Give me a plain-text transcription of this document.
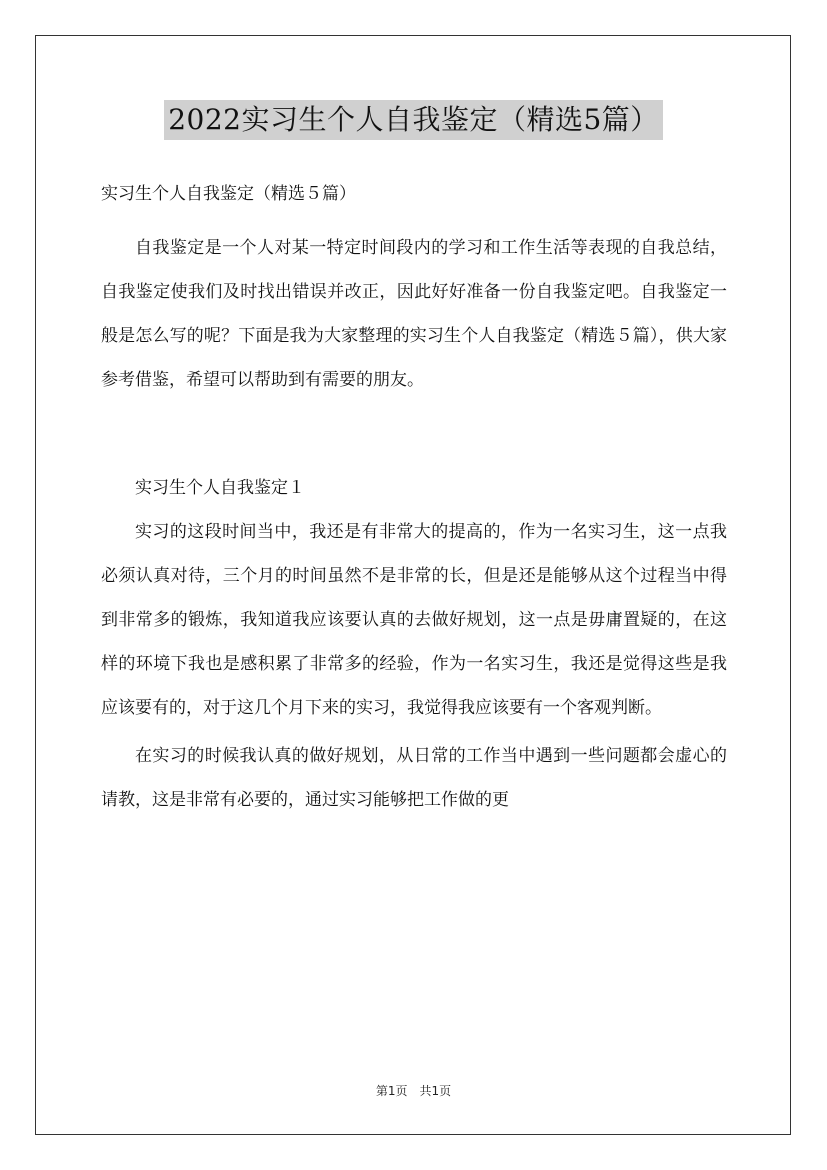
2022实习生个人自我鉴定（精选5篇）

实习生个人自我鉴定（精选５篇）

自我鉴定是一个人对某一特定时间段内的学习和工作生活等表现的自我总结，自我鉴定使我们及时找出错误并改正，因此好好准备一份自我鉴定吧。自我鉴定一般是怎么写的呢？下面是我为大家整理的实习生个人自我鉴定（精选５篇），供大家参考借鉴，希望可以帮助到有需要的朋友。

实习生个人自我鉴定１

实习的这段时间当中，我还是有非常大的提高的，作为一名实习生，这一点我必须认真对待，三个月的时间虽然不是非常的长，但是还是能够从这个过程当中得到非常多的锻炼，我知道我应该要认真的去做好规划，这一点是毋庸置疑的，在这样的环境下我也是感积累了非常多的经验，作为一名实习生，我还是觉得这些是我应该要有的，对于这几个月下来的实习，我觉得我应该要有一个客观判断。

在实习的时候我认真的做好规划，从日常的工作当中遇到一些问题都会虚心的请教，这是非常有必要的，通过实习能够把工作做的更

第1页　共1页
